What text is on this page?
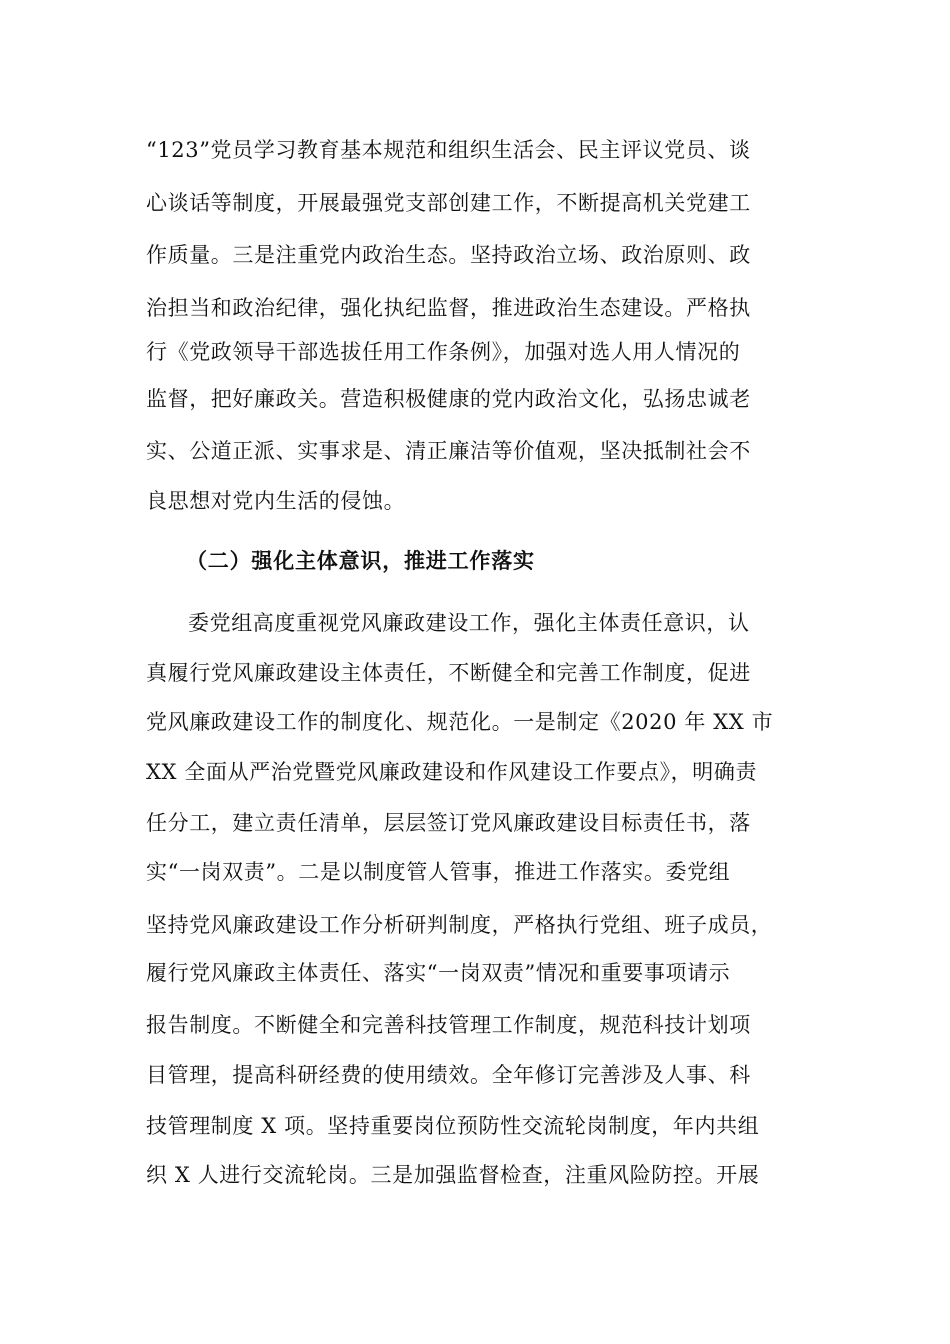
“123”党员学习教育基本规范和组织生活会、民主评议党员、谈
心谈话等制度，开展最强党支部创建工作，不断提高机关党建工
作质量。三是注重党内政治生态。坚持政治立场、政治原则、政
治担当和政治纪律，强化执纪监督，推进政治生态建设。严格执
行《党政领导干部选拔任用工作条例》，加强对选人用人情况的
监督，把好廉政关。营造积极健康的党内政治文化，弘扬忠诚老
实、公道正派、实事求是、清正廉洁等价值观，坚决抵制社会不
良思想对党内生活的侵蚀。
（二）强化主体意识，推进工作落实
委党组高度重视党风廉政建设工作，强化主体责任意识，认
真履行党风廉政建设主体责任，不断健全和完善工作制度，促进
党风廉政建设工作的制度化、规范化。一是制定《2020 年 XX 市
XX 全面从严治党暨党风廉政建设和作风建设工作要点》，明确责
任分工，建立责任清单，层层签订党风廉政建设目标责任书，落
实“一岗双责”。二是以制度管人管事，推进工作落实。委党组
坚持党风廉政建设工作分析研判制度，严格执行党组、班子成员，
履行党风廉政主体责任、落实“一岗双责”情况和重要事项请示
报告制度。不断健全和完善科技管理工作制度，规范科技计划项
目管理，提高科研经费的使用绩效。全年修订完善涉及人事、科
技管理制度 X 项。坚持重要岗位预防性交流轮岗制度，年内共组
织 X 人进行交流轮岗。三是加强监督检查，注重风险防控。开展
